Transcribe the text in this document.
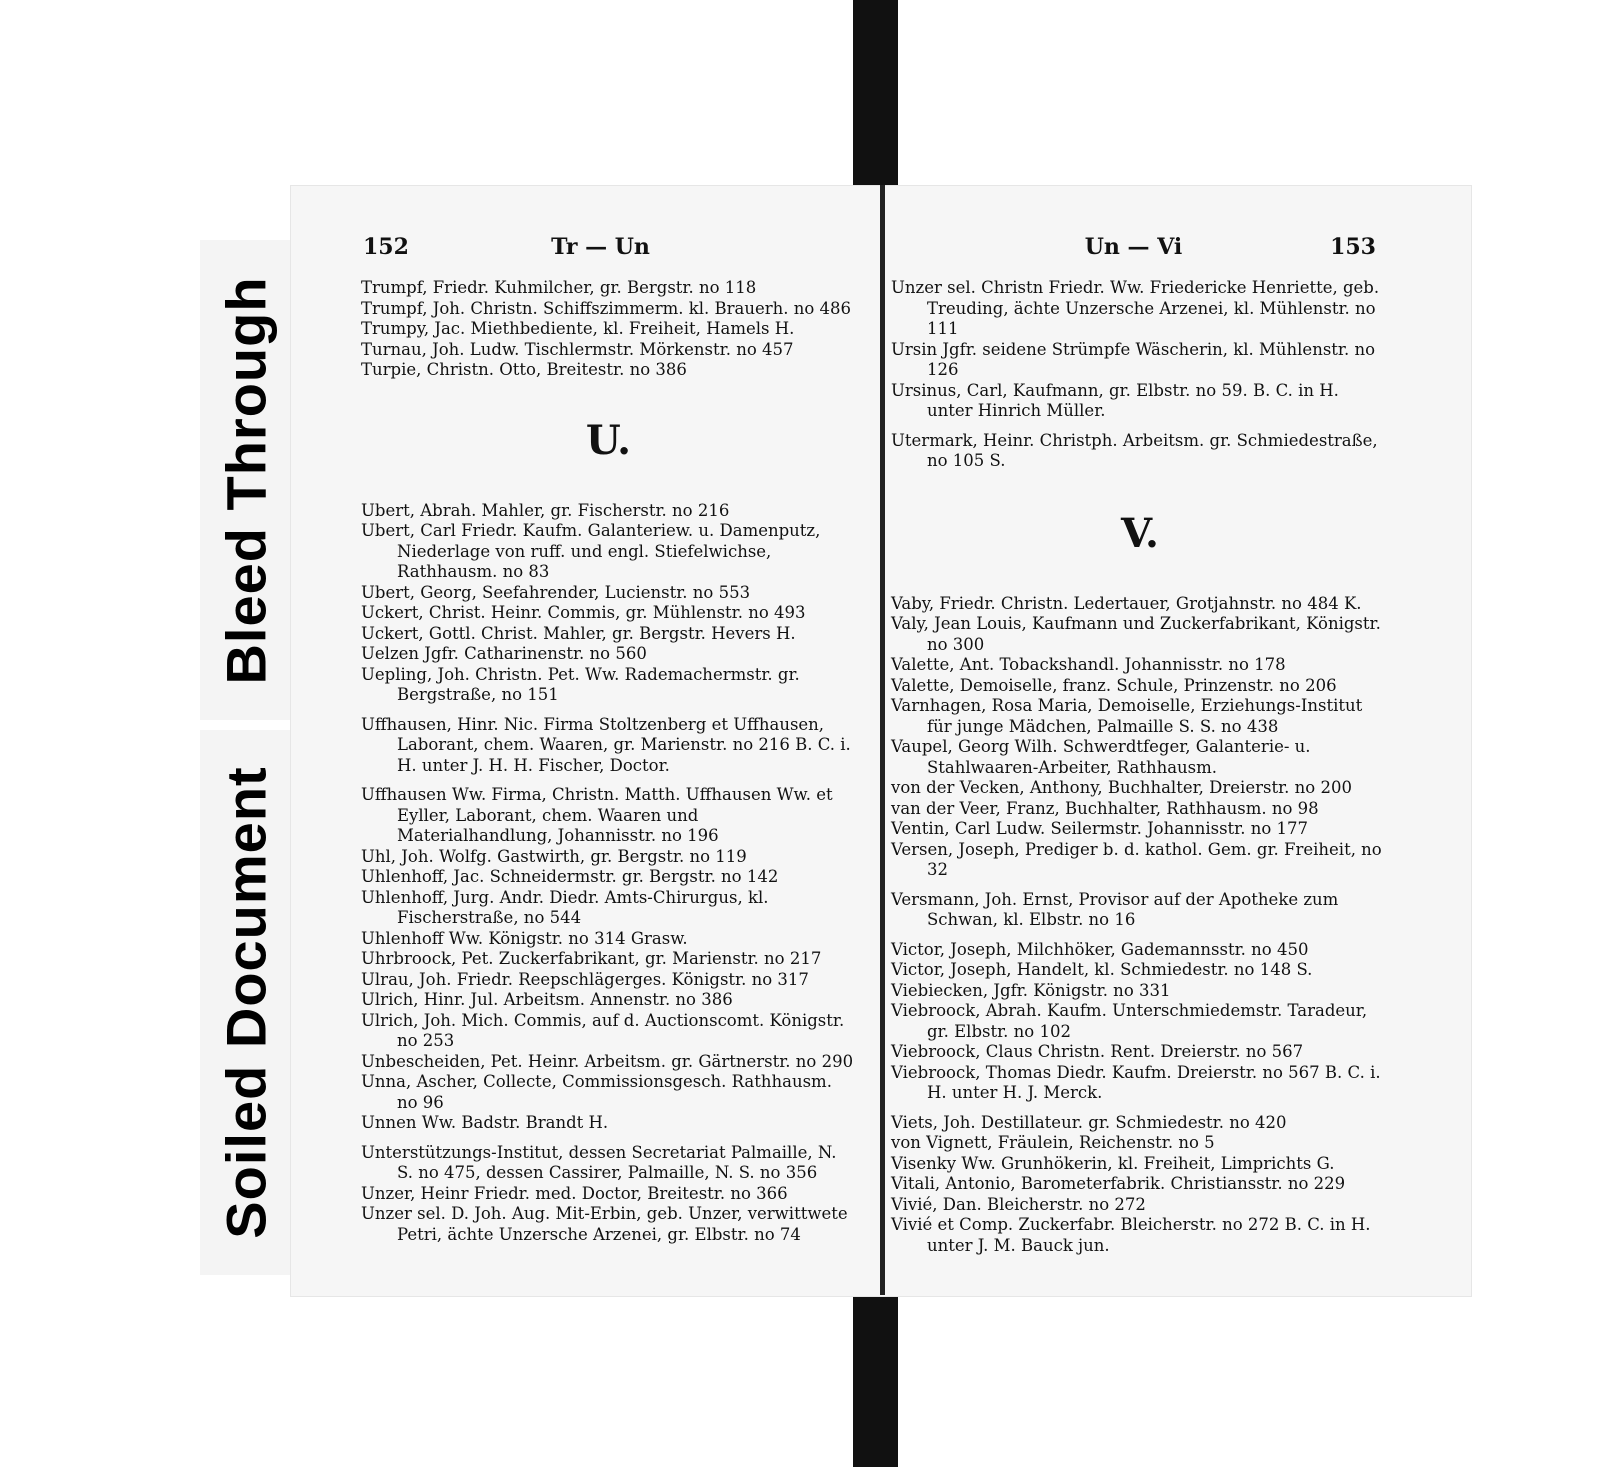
Bleed Through
Soiled Document
152	Tr — Un

Trumpf, Friedr. Kuhmilcher, gr. Bergstr. no 118

Trumpf, Joh. Christn. Schiffszimmerm. kl. Brauerh. no 486

Trumpy, Jac. Miethbediente, kl. Freiheit, Hamels H.

Turnau, Joh. Ludw. Tischlermstr. Mörkenstr. no 457

Turpie, Christn. Otto, Breitestr. no 386

U.

Ubert, Abrah. Mahler, gr. Fischerstr. no 216

Ubert, Carl Friedr. Kaufm. Galanteriew. u. Damenputz, Niederlage von ruff. und engl. Stiefelwichse, Rathhausm. no 83

Ubert, Georg, Seefahrender, Lucienstr. no 553

Uckert, Christ. Heinr. Commis, gr. Mühlenstr. no 493

Uckert, Gottl. Christ. Mahler, gr. Bergstr. Hevers H.

Uelzen Jgfr. Catharinenstr. no 560

Uepling, Joh. Christn. Pet. Ww. Rademachermstr. gr. Bergstraße, no 151

Uffhausen, Hinr. Nic. Firma Stoltzenberg et Uffhausen, Laborant, chem. Waaren, gr. Marienstr. no 216 B. C. i. H. unter J. H. H. Fischer, Doctor.

Uffhausen Ww. Firma, Christn. Matth. Uffhausen Ww. et Eyller, Laborant, chem. Waaren und Materialhandlung, Johannisstr. no 196

Uhl, Joh. Wolfg. Gastwirth, gr. Bergstr. no 119

Uhlenhoff, Jac. Schneidermstr. gr. Bergstr. no 142

Uhlenhoff, Jurg. Andr. Diedr. Amts-Chirurgus, kl. Fischerstraße, no 544

Uhlenhoff Ww. Königstr. no 314 Grasw.

Uhrbroock, Pet. Zuckerfabrikant, gr. Marienstr. no 217

Ulrau, Joh. Friedr. Reepschlägerges. Königstr. no 317

Ulrich, Hinr. Jul. Arbeitsm. Annenstr. no 386

Ulrich, Joh. Mich. Commis, auf d. Auctionscomt. Königstr. no 253

Unbescheiden, Pet. Heinr. Arbeitsm. gr. Gärtnerstr. no 290

Unna, Ascher, Collecte, Commissionsgesch. Rathhausm. no 96

Unnen Ww. Badstr. Brandt H.

Unterstützungs-Institut, dessen Secretariat Palmaille, N. S. no 475, dessen Cassirer, Palmaille, N. S. no 356

Unzer, Heinr Friedr. med. Doctor, Breitestr. no 366

Unzer sel. D. Joh. Aug. Mit-Erbin, geb. Unzer, verwittwete Petri, ächte Unzersche Arzenei, gr. Elbstr. no 74

Un — Vi	153

Unzer sel. Christn Friedr. Ww. Friedericke Henriette, geb. Treuding, ächte Unzersche Arzenei, kl. Mühlenstr. no 111

Ursin Jgfr. seidene Strümpfe Wäscherin, kl. Mühlenstr. no 126

Ursinus, Carl, Kaufmann, gr. Elbstr. no 59. B. C. in H. unter Hinrich Müller.

Utermark, Heinr. Christph. Arbeitsm. gr. Schmiedestraße, no 105 S.

V.

Vaby, Friedr. Christn. Ledertauer, Grotjahnstr. no 484 K.

Valy, Jean Louis, Kaufmann und Zuckerfabrikant, Königstr. no 300

Valette, Ant. Tobackshandl. Johannisstr. no 178

Valette, Demoiselle, franz. Schule, Prinzenstr. no 206

Varnhagen, Rosa Maria, Demoiselle, Erziehungs-Institut für junge Mädchen, Palmaille S. S. no 438

Vaupel, Georg Wilh. Schwerdtfeger, Galanterie- u. Stahlwaaren-Arbeiter, Rathhausm.

von der Vecken, Anthony, Buchhalter, Dreierstr. no 200

van der Veer, Franz, Buchhalter, Rathhausm. no 98

Ventin, Carl Ludw. Seilermstr. Johannisstr. no 177

Versen, Joseph, Prediger b. d. kathol. Gem. gr. Freiheit, no 32

Versmann, Joh. Ernst, Provisor auf der Apotheke zum Schwan, kl. Elbstr. no 16

Victor, Joseph, Milchhöker, Gademannsstr. no 450

Victor, Joseph, Handelt, kl. Schmiedestr. no 148 S.

Viebiecken, Jgfr. Königstr. no 331

Viebroock, Abrah. Kaufm. Unterschmiedemstr. Taradeur, gr. Elbstr. no 102

Viebroock, Claus Christn. Rent. Dreierstr. no 567

Viebroock, Thomas Diedr. Kaufm. Dreierstr. no 567 B. C. i. H. unter H. J. Merck.

Viets, Joh. Destillateur. gr. Schmiedestr. no 420

von Vignett, Fräulein, Reichenstr. no 5

Visenky Ww. Grunhökerin, kl. Freiheit, Limprichts G.

Vitali, Antonio, Barometerfabrik. Christiansstr. no 229

Vivié, Dan. Bleicherstr. no 272

Vivié et Comp. Zuckerfabr. Bleicherstr. no 272 B. C. in H. unter J. M. Bauck jun.
